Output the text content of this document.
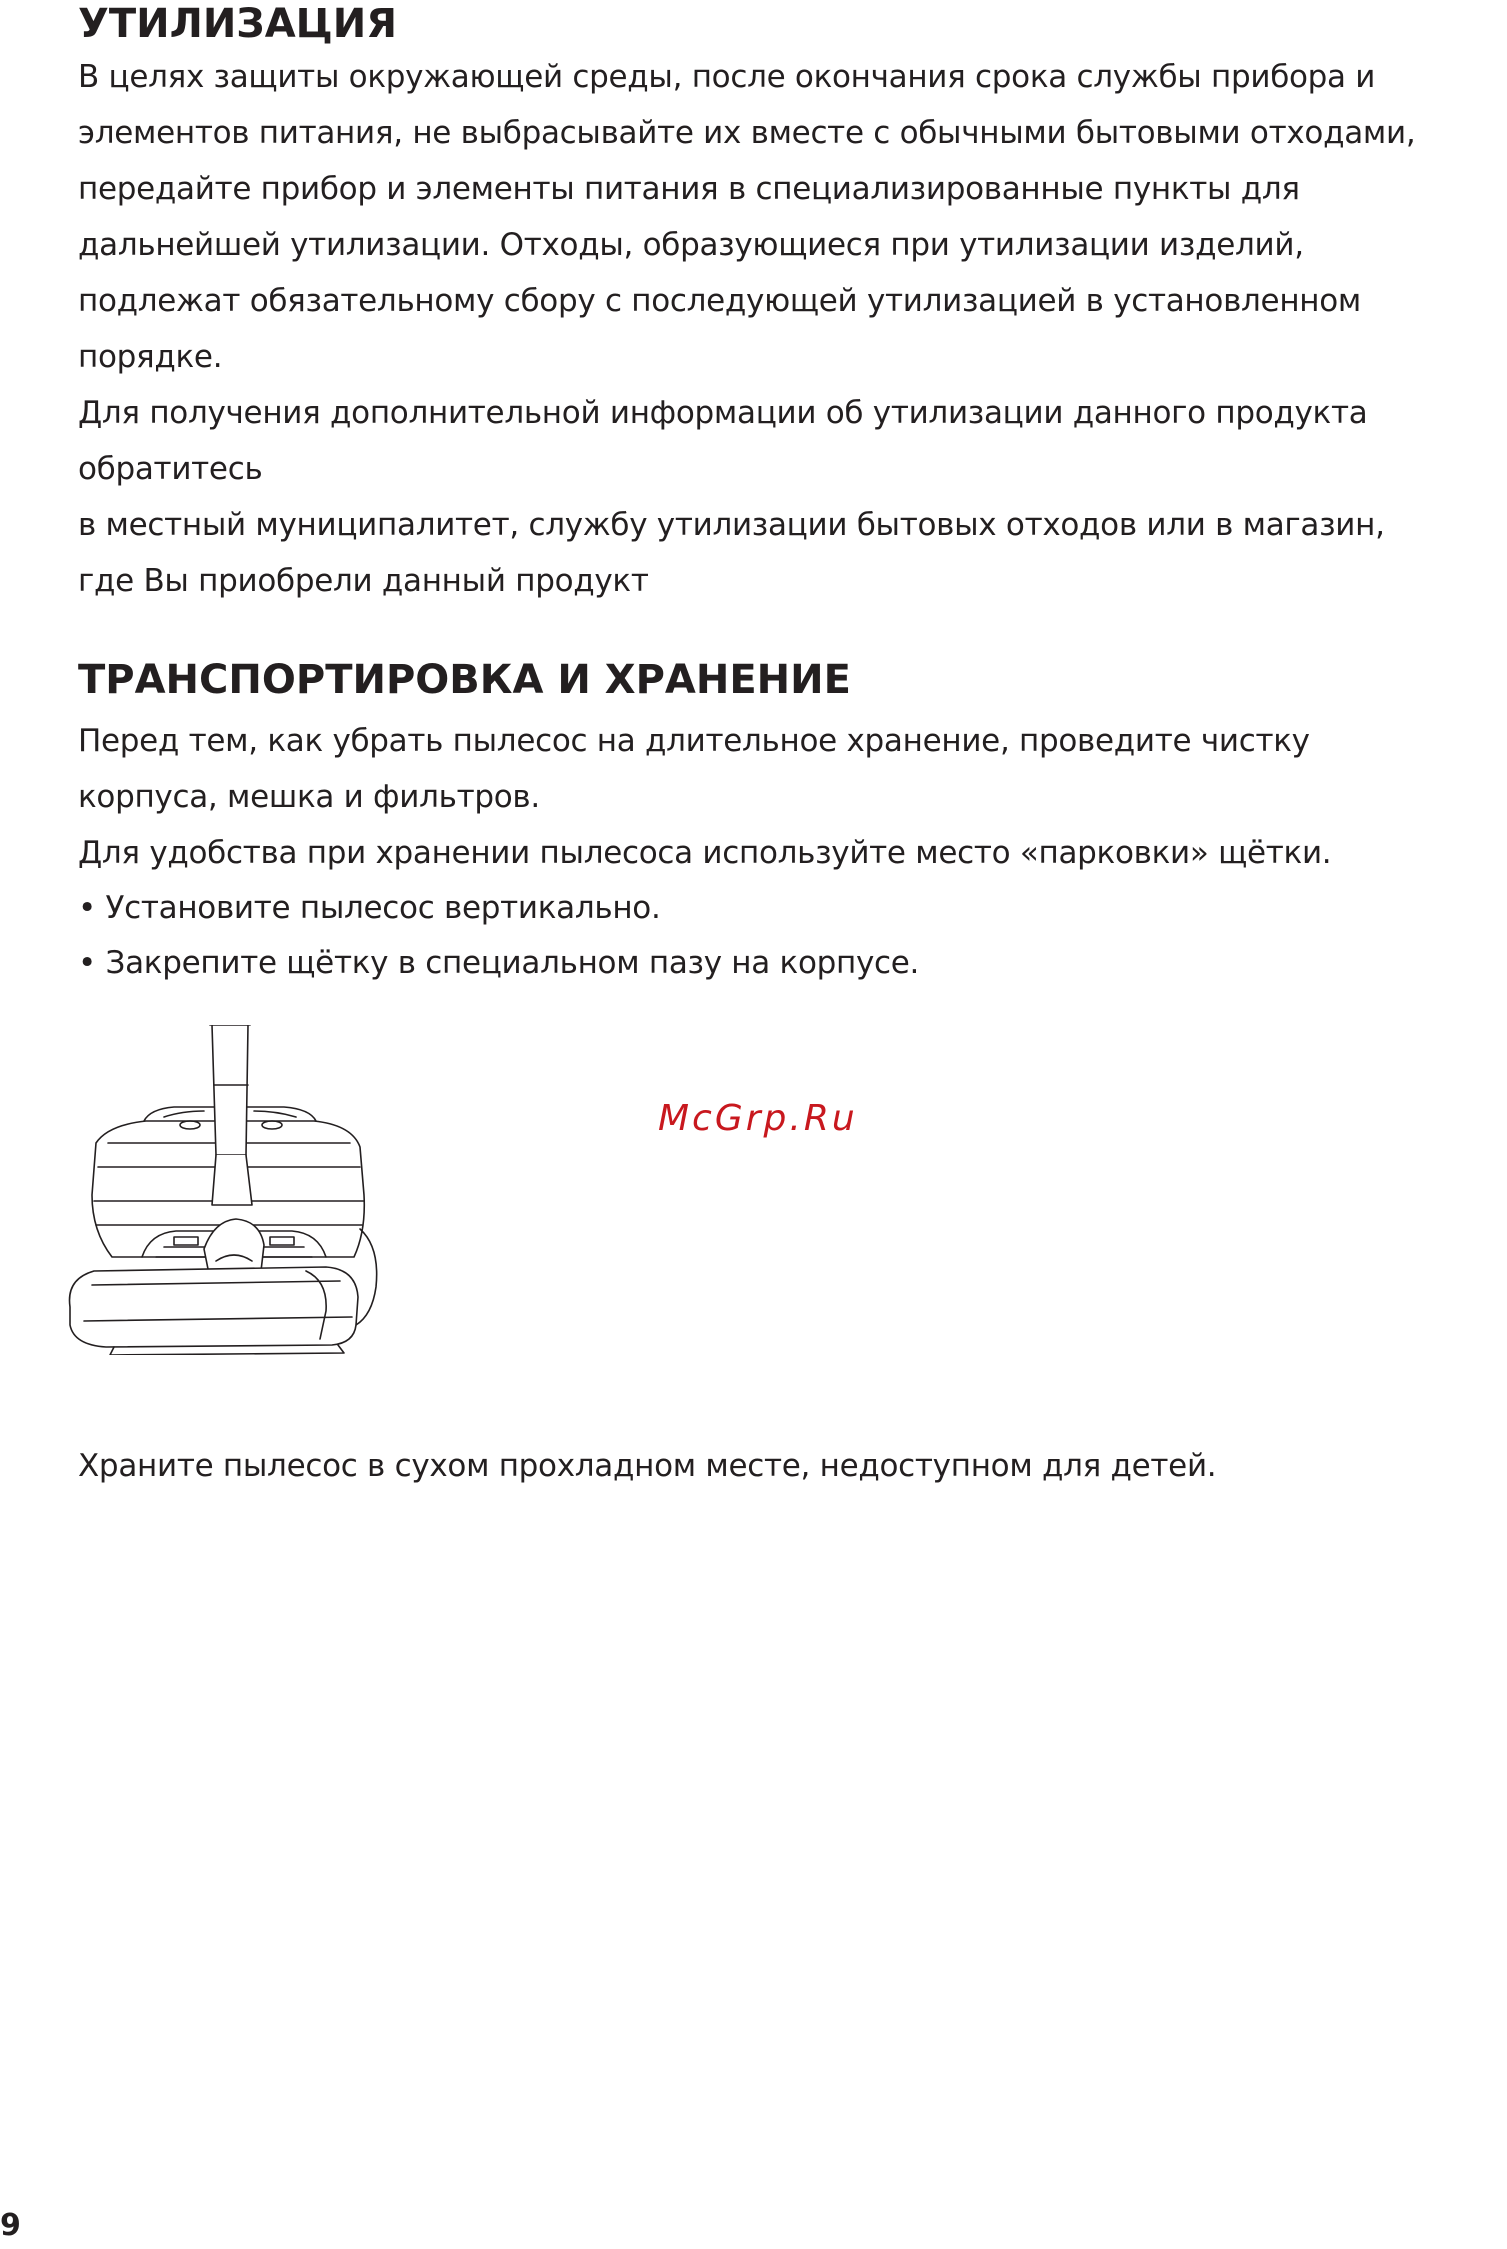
УТИЛИЗАЦИЯ

В целях защиты окружающей среды, после окончания срока службы прибора и

элементов питания, не выбрасывайте их вместе с обычными бытовыми отходами,

передайте прибор и элементы питания в специализированные пункты для

дальнейшей утилизации. Отходы, образующиеся при утилизации изделий,

подлежат обязательному сбору с последующей утилизацией в установленном

порядке.

Для получения дополнительной информации об утилизации данного продукта

обратитесь

в местный муниципалитет, службу утилизации бытовых отходов или в магазин,

где Вы приобрели данный продукт

ТРАНСПОРТИРОВКА И ХРАНЕНИЕ

Перед тем, как убрать пылесос на длительное хранение, проведите чистку

корпуса, мешка и фильтров.

Для удобства при хранении пылесоса используйте место «парковки» щётки.

• Установите пылесос вертикально.

• Закрепите щётку в специальном пазу на корпусе.

McGrp.Ru

Храните пылесос в сухом прохладном месте, недоступном для детей.

9
